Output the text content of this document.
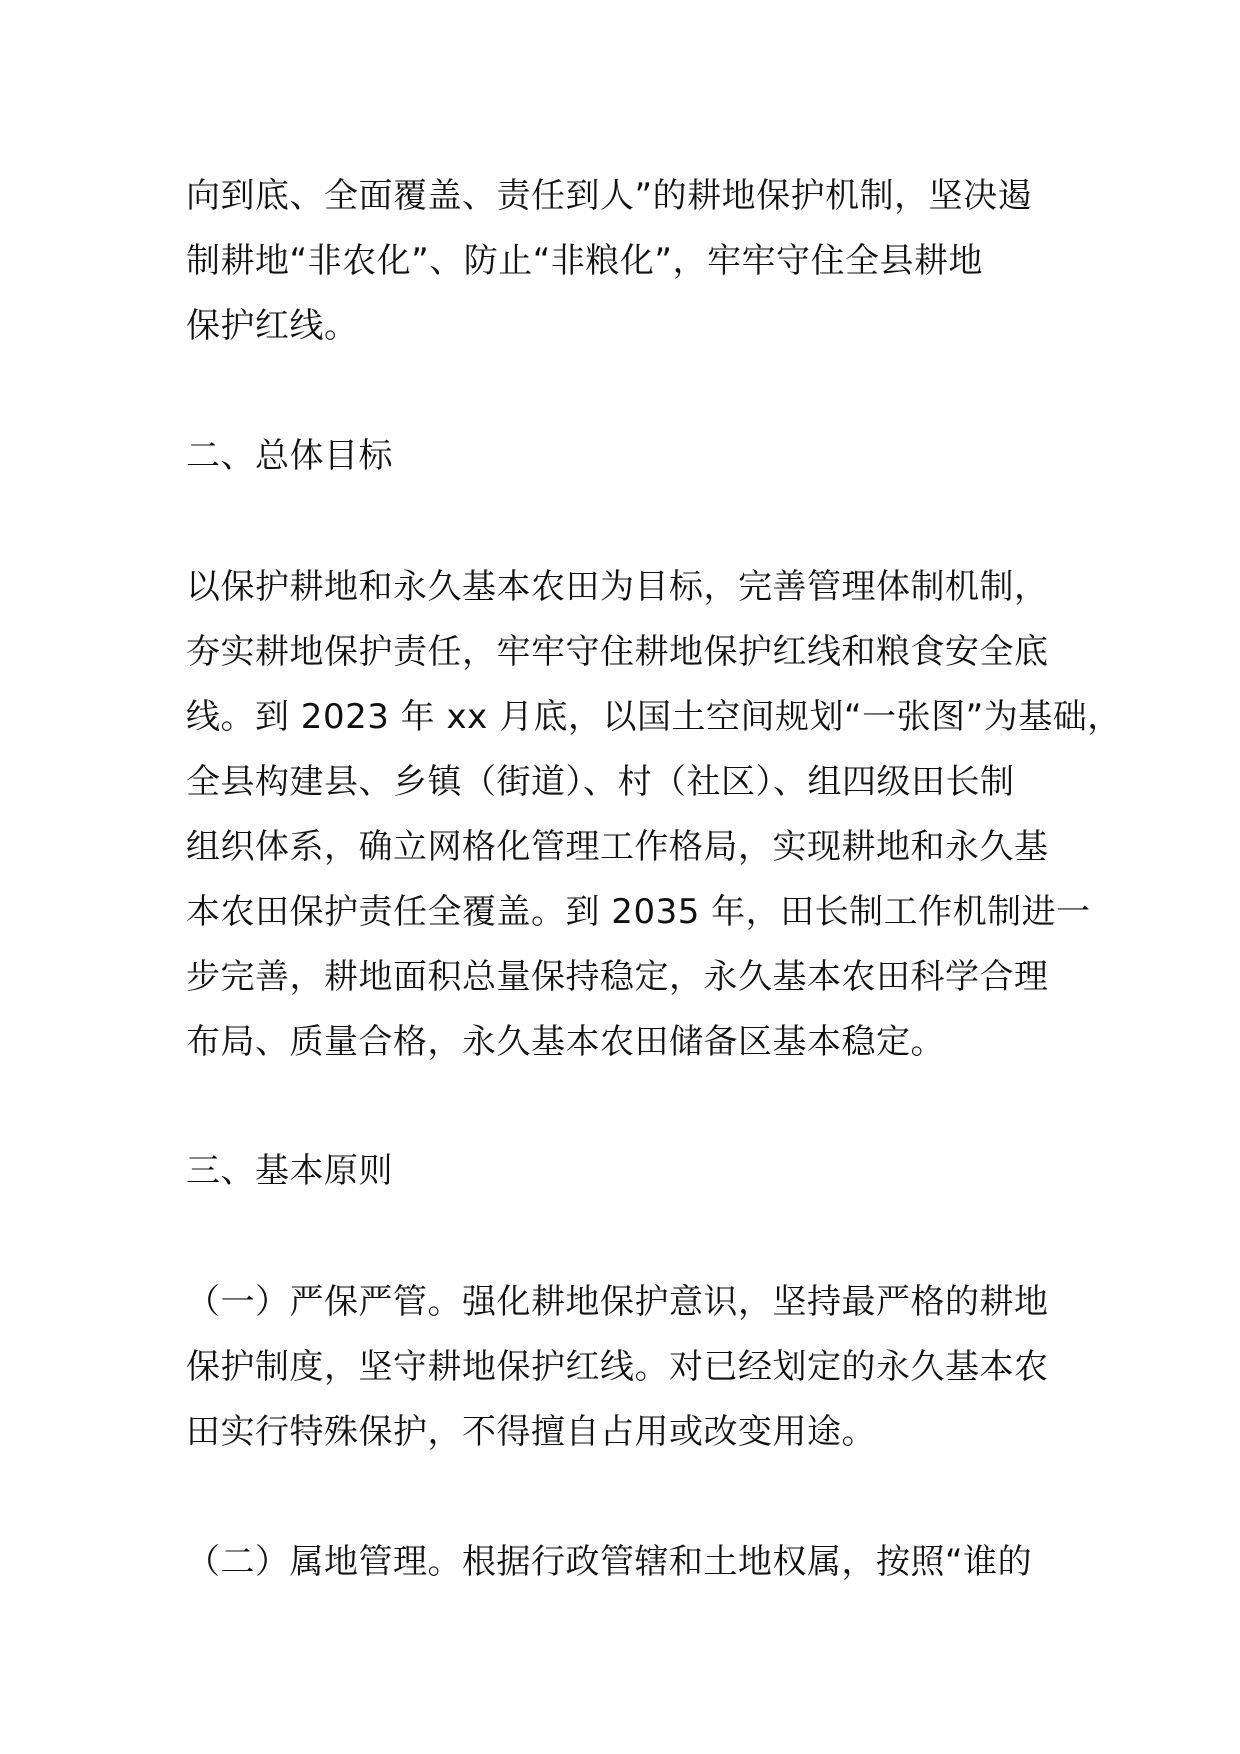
向到底、全面覆盖、责任到人”的耕地保护机制，坚决遏
制耕地“非农化”、防止“非粮化”，牢牢守住全县耕地
保护红线。
二、总体目标
以保护耕地和永久基本农田为目标，完善管理体制机制，
夯实耕地保护责任，牢牢守住耕地保护红线和粮食安全底
线。到 2023 年 xx 月底，以国土空间规划“一张图”为基础，
全县构建县、乡镇（街道）、村（社区）、组四级田长制
组织体系，确立网格化管理工作格局，实现耕地和永久基
本农田保护责任全覆盖。到 2035 年，田长制工作机制进一
步完善，耕地面积总量保持稳定，永久基本农田科学合理
布局、质量合格，永久基本农田储备区基本稳定。
三、基本原则
（一）严保严管。强化耕地保护意识，坚持最严格的耕地
保护制度，坚守耕地保护红线。对已经划定的永久基本农
田实行特殊保护，不得擅自占用或改变用途。
（二）属地管理。根据行政管辖和土地权属，按照“谁的
